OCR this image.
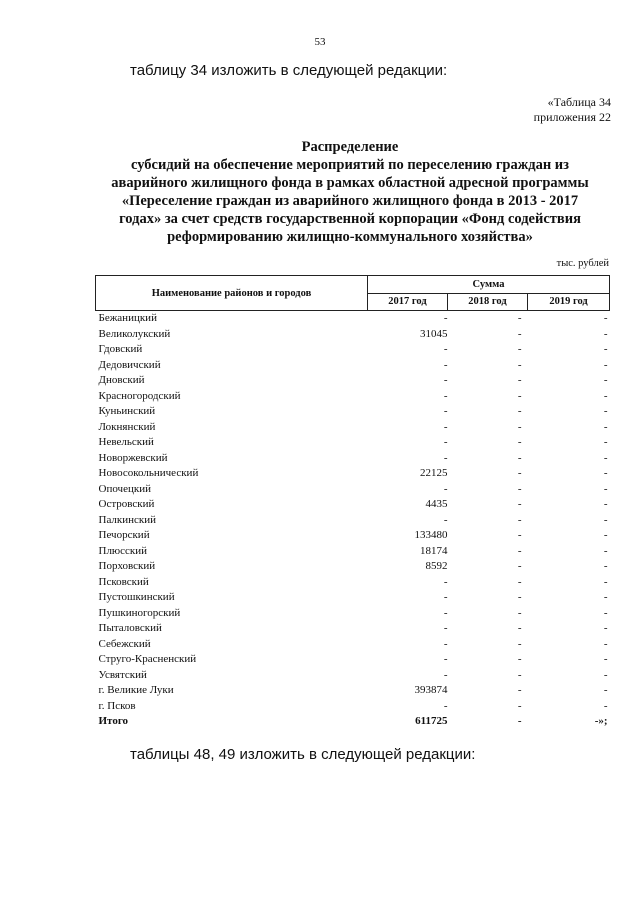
53
таблицу 34 изложить в следующей редакции:
«Таблица 34
приложения 22
Распределение
субсидий на обеспечение мероприятий по переселению граждан из
аварийного жилищного фонда в рамках областной адресной программы
«Переселение граждан из аварийного жилищного фонда в 2013 - 2017
годах» за счет средств государственной корпорации «Фонд содействия
реформированию жилищно-коммунального хозяйства»
тыс. рублей
Наименование районов и городов	Сумма		
	2017 год	2018 год	2019 год
Бежаницкий	-	-	-
Великолукский	31045	-	-
Гдовский	-	-	-
Дедовичский	-	-	-
Дновский	-	-	-
Красногородский	-	-	-
Куньинский	-	-	-
Локнянский	-	-	-
Невельский	-	-	-
Новоржевский	-	-	-
Новосокольнический	22125	-	-
Опочецкий	-	-	-
Островский	4435	-	-
Палкинский	-	-	-
Печорский	133480	-	-
Плюсский	18174	-	-
Порховский	8592	-	-
Псковский	-	-	-
Пустошкинский	-	-	-
Пушкиногорский	-	-	-
Пыталовский	-	-	-
Себежский	-	-	-
Струго-Красненский	-	-	-
Усвятский	-	-	-
г. Великие Луки	393874	-	-
г. Псков	-	-	-
Итого	611725	-	-»;
таблицы 48, 49 изложить в следующей редакции:
